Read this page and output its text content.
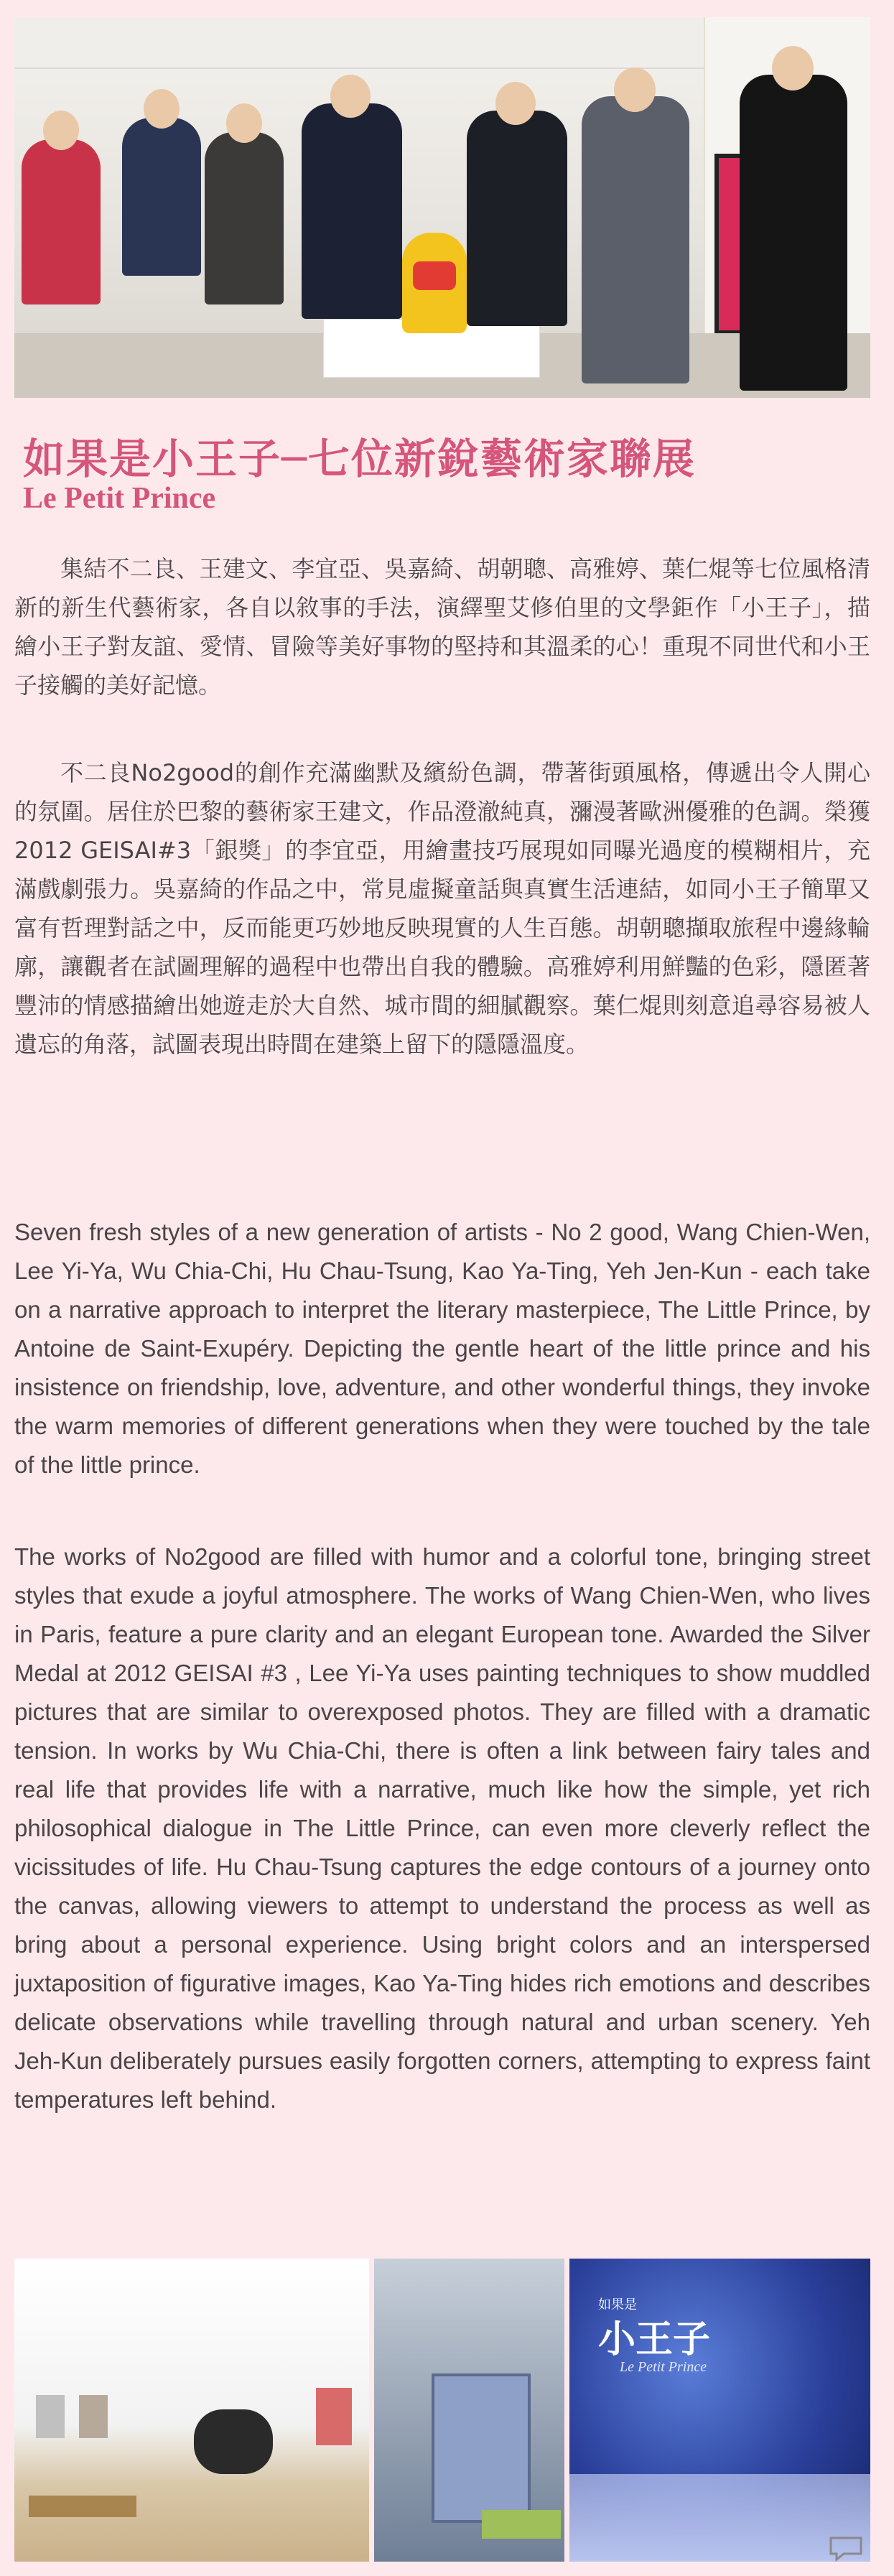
如果是小王子─七位新銳藝術家聯展
Le Petit Prince

集結不二良、王建文、李宜亞、吳嘉綺、胡朝聰、高雅婷、葉仁焜等七位風格清新的新生代藝術家，各自以敘事的手法，演繹聖艾修伯里的文學鉅作「小王子」，描繪小王子對友誼、愛情、冒險等美好事物的堅持和其溫柔的心！重現不同世代和小王子接觸的美好記憶。

不二良No2good的創作充滿幽默及繽紛色調，帶著街頭風格，傳遞出令人開心的氛圍。居住於巴黎的藝術家王建文，作品澄澈純真，瀰漫著歐洲優雅的色調。榮獲2012 GEISAI#3「銀獎」的李宜亞，用繪畫技巧展現如同曝光過度的模糊相片，充滿戲劇張力。吳嘉綺的作品之中，常見虛擬童話與真實生活連結，如同小王子簡單又富有哲理對話之中，反而能更巧妙地反映現實的人生百態。胡朝聰擷取旅程中邊緣輪廓，讓觀者在試圖理解的過程中也帶出自我的體驗。高雅婷利用鮮豔的色彩，隱匿著豐沛的情感描繪出她遊走於大自然、城市間的細膩觀察。葉仁焜則刻意追尋容易被人遺忘的角落，試圖表現出時間在建築上留下的隱隱溫度。

Seven fresh styles of a new generation of artists - No 2 good, Wang Chien-Wen, Lee Yi-Ya, Wu Chia-Chi, Hu Chau-Tsung, Kao Ya-Ting, Yeh Jen-Kun - each take on a narrative approach to interpret the literary masterpiece, The Little Prince, by Antoine de Saint-Exupéry. Depicting the gentle heart of the little prince and his insistence on friendship, love, adventure, and other wonderful things, they invoke the warm memories of different generations when they were touched by the tale of the little prince.

The works of No2good are filled with humor and a colorful tone, bringing street styles that exude a joyful atmosphere. The works of Wang Chien-Wen, who lives in Paris, feature a pure clarity and an elegant European tone. Awarded the Silver Medal at 2012 GEISAI #3 , Lee Yi-Ya uses painting techniques to show muddled pictures that are similar to overexposed photos. They are filled with a dramatic tension. In works by Wu Chia-Chi, there is often a link between fairy tales and real life that provides life with a narrative, much like how the simple, yet rich philosophical dialogue in The Little Prince, can even more cleverly reflect the vicissitudes of life. Hu Chau-Tsung captures the edge contours of a journey onto the canvas, allowing viewers to attempt to understand the process as well as bring about a personal experience. Using bright colors and an interspersed juxtaposition of figurative images, Kao Ya-Ting hides rich emotions and describes delicate observations while travelling through natural and urban scenery. Yeh Jeh-Kun deliberately pursues easily forgotten corners, attempting to express faint temperatures left behind.

如果是
小王子
Le Petit Prince
